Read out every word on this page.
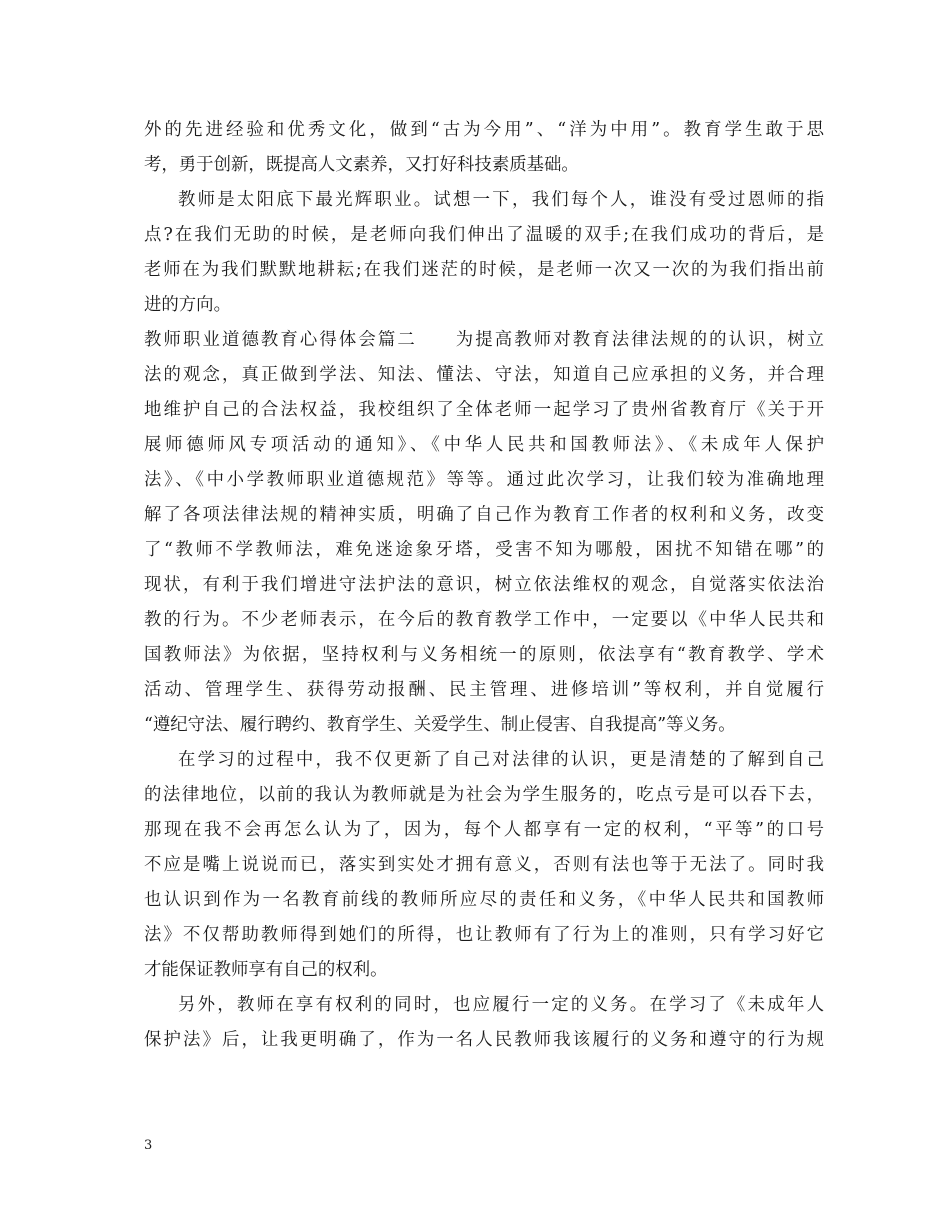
外的先进经验和优秀文化，做到“古为今用”、“洋为中用”。教育学生敢于思
考，勇于创新，既提高人文素养，又打好科技素质基础。
教师是太阳底下最光辉职业。试想一下，我们每个人，谁没有受过恩师的指
点?在我们无助的时候，是老师向我们伸出了温暖的双手;在我们成功的背后，是
老师在为我们默默地耕耘;在我们迷茫的时候，是老师一次又一次的为我们指出前
进的方向。
教师职业道德教育心得体会篇二　　为提高教师对教育法律法规的的认识，树立
法的观念，真正做到学法、知法、懂法、守法，知道自己应承担的义务，并合理
地维护自己的合法权益，我校组织了全体老师一起学习了贵州省教育厅《关于开
展师德师风专项活动的通知》、《中华人民共和国教师法》、《未成年人保护
法》、《中小学教师职业道德规范》等等。通过此次学习，让我们较为准确地理
解了各项法律法规的精神实质，明确了自己作为教育工作者的权利和义务，改变
了“教师不学教师法，难免迷途象牙塔，受害不知为哪般，困扰不知错在哪”的
现状，有利于我们增进守法护法的意识，树立依法维权的观念，自觉落实依法治
教的行为。不少老师表示，在今后的教育教学工作中，一定要以《中华人民共和
国教师法》为依据，坚持权利与义务相统一的原则，依法享有“教育教学、学术
活动、管理学生、获得劳动报酬、民主管理、进修培训”等权利，并自觉履行
“遵纪守法、履行聘约、教育学生、关爱学生、制止侵害、自我提高”等义务。
在学习的过程中，我不仅更新了自己对法律的认识，更是清楚的了解到自己
的法律地位，以前的我认为教师就是为社会为学生服务的，吃点亏是可以吞下去，
那现在我不会再怎么认为了，因为，每个人都享有一定的权利，“平等”的口号
不应是嘴上说说而已，落实到实处才拥有意义，否则有法也等于无法了。同时我
也认识到作为一名教育前线的教师所应尽的责任和义务，《中华人民共和国教师
法》不仅帮助教师得到她们的所得，也让教师有了行为上的准则，只有学习好它
才能保证教师享有自己的权利。
另外，教师在享有权利的同时，也应履行一定的义务。在学习了《未成年人
保护法》后，让我更明确了，作为一名人民教师我该履行的义务和遵守的行为规
3
